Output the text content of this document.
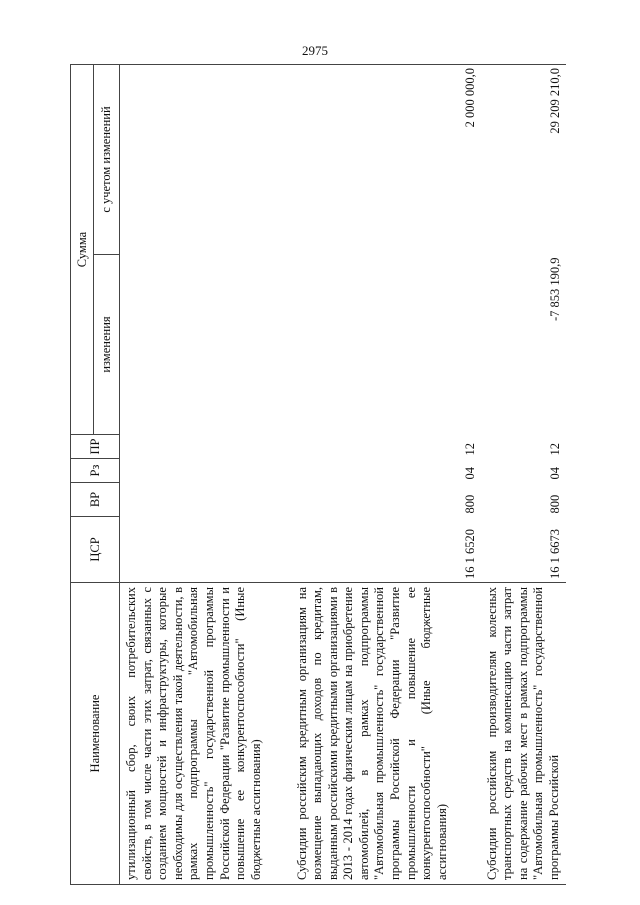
2975
Наименование	ЦСР	ВР	Рз	ПР	Сумма	
					изменения	с учетом изменений
утилизационный сбор, своих потребительских свойств, в том числе части этих затрат, связанных с созданием мощностей и инфраструктуры, которые необходимы для осуществления такой деятельности, в рамках подпрограммы "Автомобильная промышленность" государственной программы Российской Федерации "Развитие промышленности и повышение ее конкурентоспособности" (Иные бюджетные ассигнования)						
Субсидии российским кредитным организациям на возмещение выпадающих доходов по кредитам, выданным российскими кредитными организациями в 2013 - 2014 годах физическим лицам на приобретение автомобилей, в рамках подпрограммы "Автомобильная промышленность" государственной программы Российской Федерации "Развитие промышленности и повышение ее конкурентоспособности" (Иные бюджетные ассигнования)	16 1 6520	800	04	12		2 000 000,0
Субсидии российским производителям колесных транспортных средств на компенсацию части затрат на содержание рабочих мест в рамках подпрограммы "Автомобильная промышленность" государственной программы Российской	16 1 6673	800	04	12	-7 853 190,9	29 209 210,0
